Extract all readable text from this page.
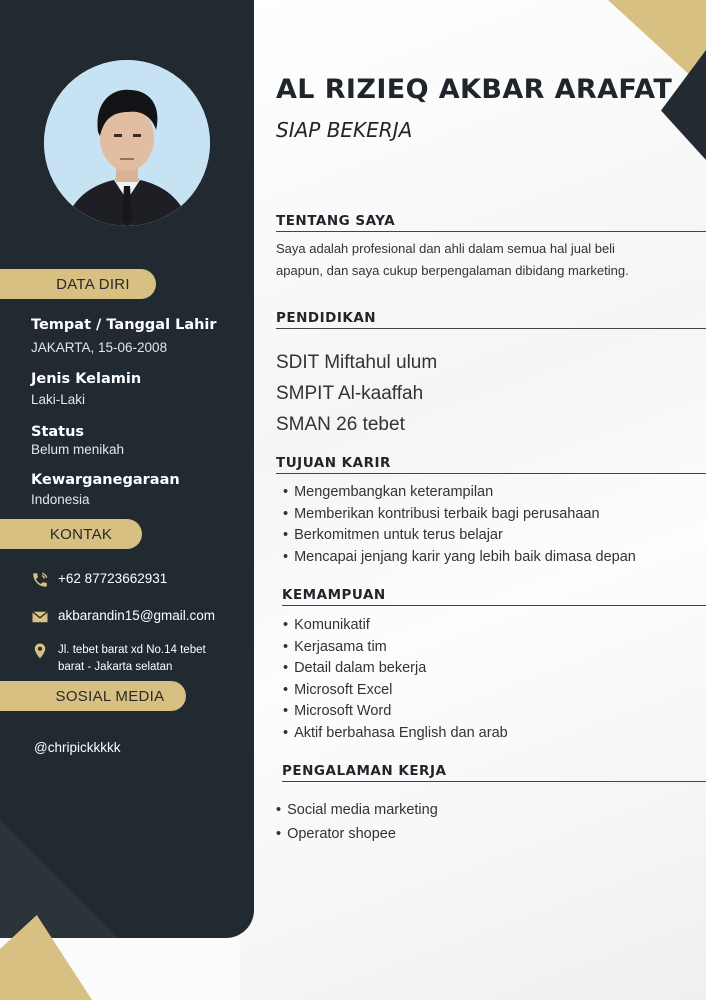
DATA DIRI
Tempat / Tanggal Lahir
JAKARTA, 15-06-2008
Jenis Kelamin
Laki-Laki
Status
Belum menikah
Kewarganegaraan
Indonesia
KONTAK
+62 87723662931
akbarandin15@gmail.com
Jl. tebet barat xd No.14 tebet
barat - Jakarta selatan
SOSIAL MEDIA
@chripickkkkk
AL RIZIEQ AKBAR ARAFAT
SIAP BEKERJA
TENTANG SAYA
Saya adalah profesional dan ahli dalam semua hal jual beli
apapun, dan saya cukup berpengalaman dibidang marketing.
PENDIDIKAN
SDIT Miftahul ulum
SMPIT Al-kaaffah
SMAN 26 tebet
TUJUAN KARIR
• Mengembangkan keterampilan
• Memberikan kontribusi terbaik bagi perusahaan
• Berkomitmen untuk terus belajar
• Mencapai jenjang karir yang lebih baik dimasa depan
KEMAMPUAN
• Komunikatif
• Kerjasama tim
• Detail dalam bekerja
• Microsoft Excel
• Microsoft Word
• Aktif berbahasa English dan arab
PENGALAMAN KERJA
• Social media marketing
• Operator shopee
